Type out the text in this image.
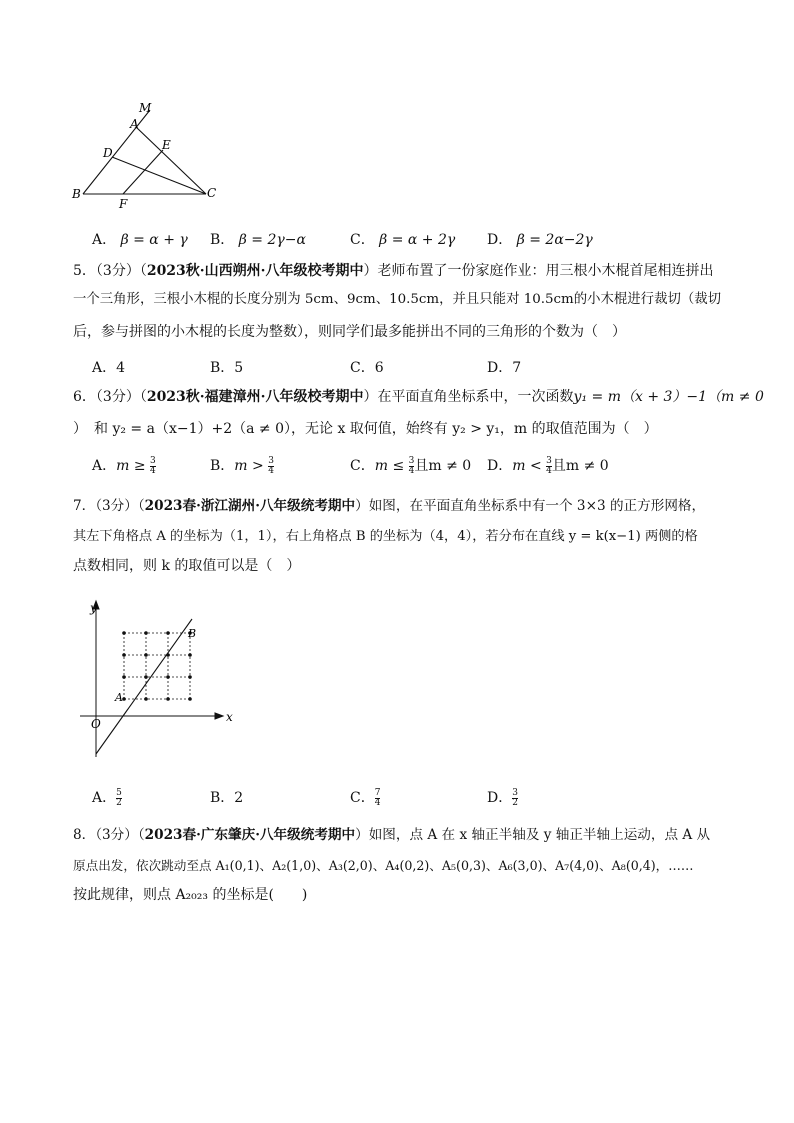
M
A
E
D
B
F
C
A． β = α + γ B． β = 2γ−α	C． β = α + 2γ D． β = 2α−2γ
5．（3分）（2023秋·山西朔州·八年级校考期中）老师布置了一份家庭作业：用三根小木棍首尾相连拼出
一个三角形，三根小木棍的长度分别为 5cm、9cm、10.5cm，并且只能对 10.5cm的小木棍进行裁切（裁切
后，参与拼图的小木棍的长度为整数），则同学们最多能拼出不同的三角形的个数为（　）
A．4	B．5	C．6	D．7
6．（3分）（2023秋·福建漳州·八年级校考期中）在平面直角坐标系中，一次函数y₁ = m（x + 3）−1（m ≠ 0
）　和 y₂ = a（x−1）+2（a ≠ 0），无论 x 取何值，始终有 y₂ > y₁，m 的取值范围为（　）
A．$m \ge \frac{3}{4}$	B．$m > \frac{3}{4}$	C．$m \le \frac{3}{4}$ 且m ≠ 0 D．$m < \frac{3}{4}$ 且m ≠ 0
7．（3分）（2023春·浙江湖州·八年级统考期中）如图，在平面直角坐标系中有一个 3×3 的正方形网格，
其左下角格点 A 的坐标为（1，1），右上角格点 B 的坐标为（4，4），若分布在直线 y = k(x−1) 两侧的格
点数相同，则 k 的取值可以是（　）
y
x
O
A
B
A． $\frac{5}{2}$	B．2	C． $\frac{7}{4}$	D． $\frac{3}{2}$
8．（3分）（2023春·广东肇庆·八年级统考期中）如图，点 A 在 x 轴正半轴及 y 轴正半轴上运动，点 A 从
原点出发，依次跳动至点 A₁(0,1)、A₂(1,0)、A₃(2,0)、A₄(0,2)、A₅(0,3)、A₆(3,0)、A₇(4,0)、A₈(0,4)，……
按此规律，则点 A₂₀₂₃ 的坐标是(　　)
